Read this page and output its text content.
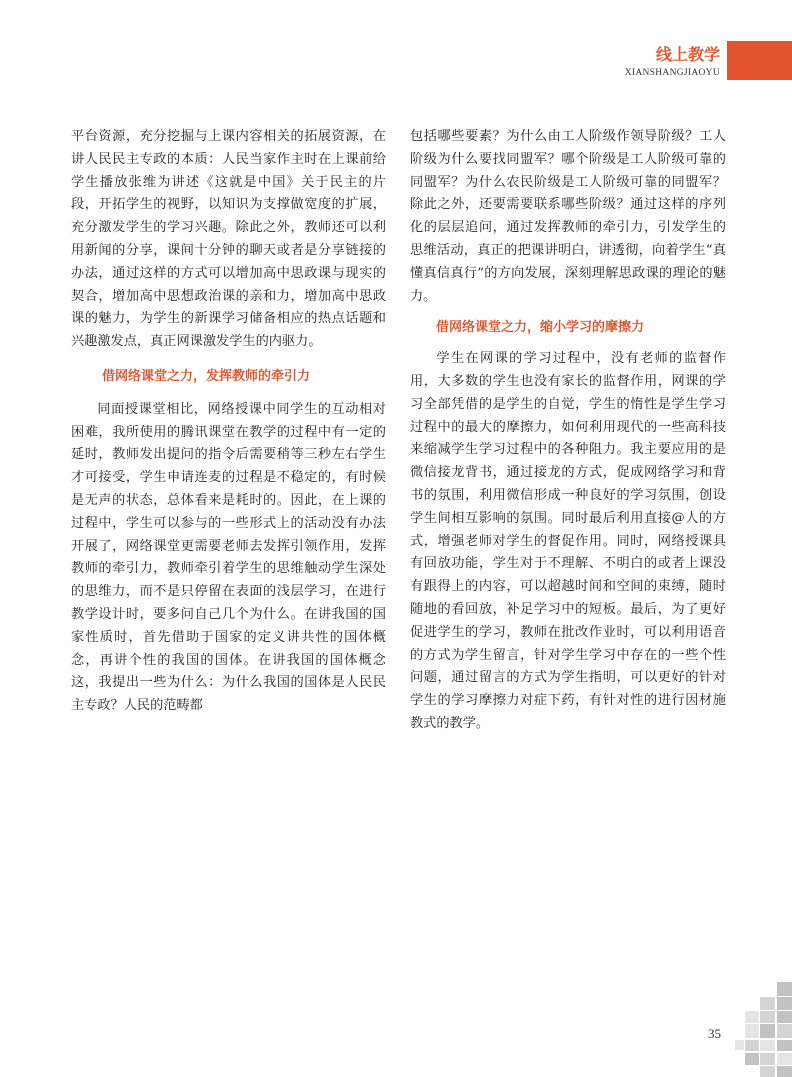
线上教学
XIANSHANGJIAOYU

平台资源，充分挖掘与上课内容相关的拓展资源，在讲人民民主专政的本质：人民当家作主时在上课前给学生播放张维为讲述《这就是中国》关于民主的片段，开拓学生的视野，以知识为支撑做宽度的扩展，充分激发学生的学习兴趣。除此之外，教师还可以利用新闻的分享，课间十分钟的聊天或者是分享链接的办法，通过这样的方式可以增加高中思政课与现实的契合，增加高中思想政治课的亲和力，增加高中思政课的魅力，为学生的新课学习储备相应的热点话题和兴趣激发点，真正网课激发学生的内驱力。

借网络课堂之力，发挥教师的牵引力

同面授课堂相比，网络授课中同学生的互动相对困难，我所使用的腾讯课堂在教学的过程中有一定的延时，教师发出提问的指令后需要稍等三秒左右学生才可接受，学生申请连麦的过程是不稳定的，有时候是无声的状态，总体看来是耗时的。因此，在上课的过程中，学生可以参与的一些形式上的活动没有办法开展了，网络课堂更需要老师去发挥引领作用，发挥教师的牵引力，教师牵引着学生的思维触动学生深处的思维力，而不是只停留在表面的浅层学习，在进行教学设计时，要多问自己几个为什么。在讲我国的国家性质时，首先借助于国家的定义讲共性的国体概念，再讲个性的我国的国体。在讲我国的国体概念这，我提出一些为什么：为什么我国的国体是人民民主专政？人民的范畴都

包括哪些要素？为什么由工人阶级作领导阶级？工人阶级为什么要找同盟军？哪个阶级是工人阶级可靠的同盟军？为什么农民阶级是工人阶级可靠的同盟军？除此之外，还要需要联系哪些阶级？通过这样的序列化的层层追问，通过发挥教师的牵引力，引发学生的思维活动，真正的把课讲明白，讲透彻，向着学生“真懂真信真行”的方向发展，深刻理解思政课的理论的魅力。

借网络课堂之力，缩小学习的摩擦力

学生在网课的学习过程中，没有老师的监督作用，大多数的学生也没有家长的监督作用，网课的学习全部凭借的是学生的自觉，学生的惰性是学生学习过程中的最大的摩擦力，如何利用现代的一些高科技来缩减学生学习过程中的各种阻力。我主要应用的是微信接龙背书，通过接龙的方式，促成网络学习和背书的氛围，利用微信形成一种良好的学习氛围，创设学生间相互影响的氛围。同时最后利用直接@人的方式，增强老师对学生的督促作用。同时，网络授课具有回放功能，学生对于不理解、不明白的或者上课没有跟得上的内容，可以超越时间和空间的束缚，随时随地的看回放，补足学习中的短板。最后，为了更好促进学生的学习，教师在批改作业时，可以利用语音的方式为学生留言，针对学生学习中存在的一些个性问题，通过留言的方式为学生指明，可以更好的针对学生的学习摩擦力对症下药，有针对性的进行因材施教式的教学。

35
